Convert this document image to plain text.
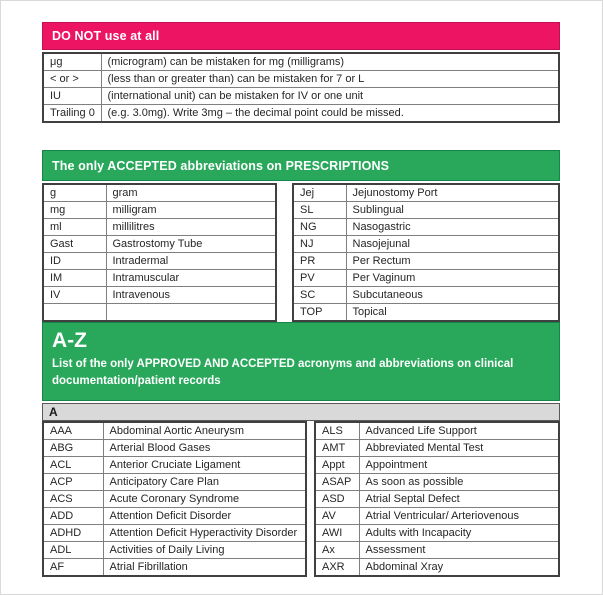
DO NOT use at all
μg	(microgram) can be mistaken for mg (milligrams)
< or >	(less than or greater than) can be mistaken for 7 or L
IU	(international unit) can be mistaken for IV or one unit
Trailing 0	(e.g. 3.0mg). Write 3mg – the decimal point could be missed.
The only ACCEPTED abbreviations on PRESCRIPTIONS
g	gram
mg	milligram
ml	millilitres
Gast	Gastrostomy Tube
ID	Intradermal
IM	Intramuscular
IV	Intravenous

Jej	Jejunostomy Port
SL	Sublingual
NG	Nasogastric
NJ	Nasojejunal
PR	Per Rectum
PV	Per Vaginum
SC	Subcutaneous
TOP	Topical
A-Z
List of the only APPROVED AND ACCEPTED acronyms and abbreviations on clinical documentation/patient records
A
AAA	Abdominal Aortic Aneurysm
ABG	Arterial Blood Gases
ACL	Anterior Cruciate Ligament
ACP	Anticipatory Care Plan
ACS	Acute Coronary Syndrome
ADD	Attention Deficit Disorder
ADHD	Attention Deficit Hyperactivity Disorder
ADL	Activities of Daily Living
AF	Atrial Fibrillation
ALS	Advanced Life Support
AMT	Abbreviated Mental Test
Appt	Appointment
ASAP	As soon as possible
ASD	Atrial Septal Defect
AV	Atrial Ventricular/ Arteriovenous
AWI	Adults with Incapacity
Ax	Assessment
AXR	Abdominal Xray
